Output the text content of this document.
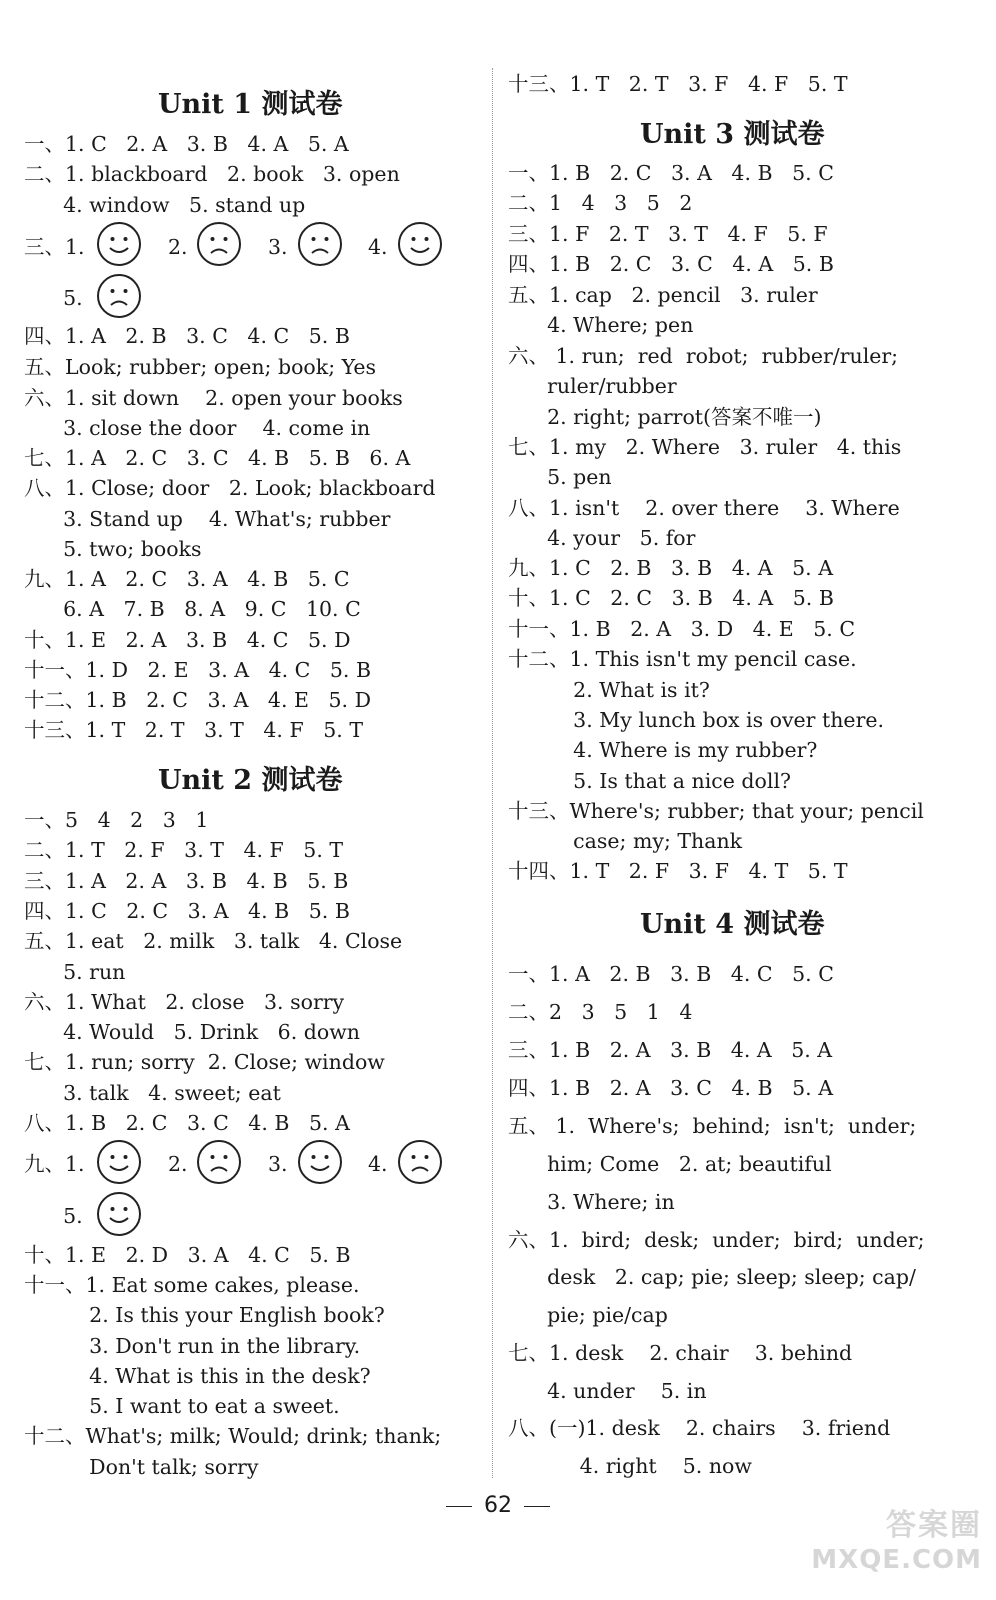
Unit 1 测试卷
一、1. C   2. A   3. B   4. A   5. A
二、1. blackboard   2. book   3. open
4. window   5. stand up
三、1.	2.	3.	4.
5.
四、1. A   2. B   3. C   4. C   5. B
五、Look; rubber; open; book; Yes
六、1. sit down    2. open your books
3. close the door    4. come in
七、1. A   2. C   3. C   4. B   5. B   6. A
八、1. Close; door   2. Look; blackboard
3. Stand up    4. What's; rubber
5. two; books
九、1. A   2. C   3. A   4. B   5. C
6. A   7. B   8. A   9. C   10. C
十、1. E   2. A   3. B   4. C   5. D
十一、1. D   2. E   3. A   4. C   5. B
十二、1. B   2. C   3. A   4. E   5. D
十三、1. T   2. T   3. T   4. F   5. T
Unit 2 测试卷
一、5   4   2   3   1
二、1. T   2. F   3. T   4. F   5. T
三、1. A   2. A   3. B   4. B   5. B
四、1. C   2. C   3. A   4. B   5. B
五、1. eat   2. milk   3. talk   4. Close
5. run
六、1. What   2. close   3. sorry
4. Would   5. Drink   6. down
七、1. run; sorry  2. Close; window
3. talk   4. sweet; eat
八、1. B   2. C   3. C   4. B   5. A
九、1.	2.	3.	4.
5.
十、1. E   2. D   3. A   4. C   5. B
十一、1. Eat some cakes, please.
2. Is this your English book?
3. Don't run in the library.
4. What is this in the desk?
5. I want to eat a sweet.
十二、What's; milk; Would; drink; thank;
Don't talk; sorry
十三、1. T   2. T   3. F   4. F   5. T
Unit 3 测试卷
一、1. B   2. C   3. A   4. B   5. C
二、1   4   3   5   2
三、1. F   2. T   3. T   4. F   5. F
四、1. B   2. C   3. C   4. A   5. B
五、1. cap   2. pencil   3. ruler
4. Where; pen
六、 1. run;  red  robot;  rubber/ruler;
ruler/rubber
2. right; parrot(答案不唯一)
七、1. my   2. Where   3. ruler   4. this
5. pen
八、1. isn't    2. over there    3. Where
4. your   5. for
九、1. C   2. B   3. B   4. A   5. A
十、1. C   2. C   3. B   4. A   5. B
十一、1. B   2. A   3. D   4. E   5. C
十二、1. This isn't my pencil case.
2. What is it?
3. My lunch box is over there.
4. Where is my rubber?
5. Is that a nice doll?
十三、Where's; rubber; that your; pencil
case; my; Thank
十四、1. T   2. F   3. F   4. T   5. T
Unit 4 测试卷
一、1. A   2. B   3. B   4. C   5. C
二、2   3   5   1   4
三、1. B   2. A   3. B   4. A   5. A
四、1. B   2. A   3. C   4. B   5. A
五、 1.  Where's;  behind;  isn't;  under;
him; Come   2. at; beautiful
3. Where; in
六、1.  bird;  desk;  under;  bird;  under;
desk   2. cap; pie; sleep; sleep; cap/
pie; pie/cap
七、1. desk    2. chair    3. behind
4. under    5. in
八、(一)1. desk    2. chairs    3. friend
4. right    5. now
62
答案圈
MXQE.COM
